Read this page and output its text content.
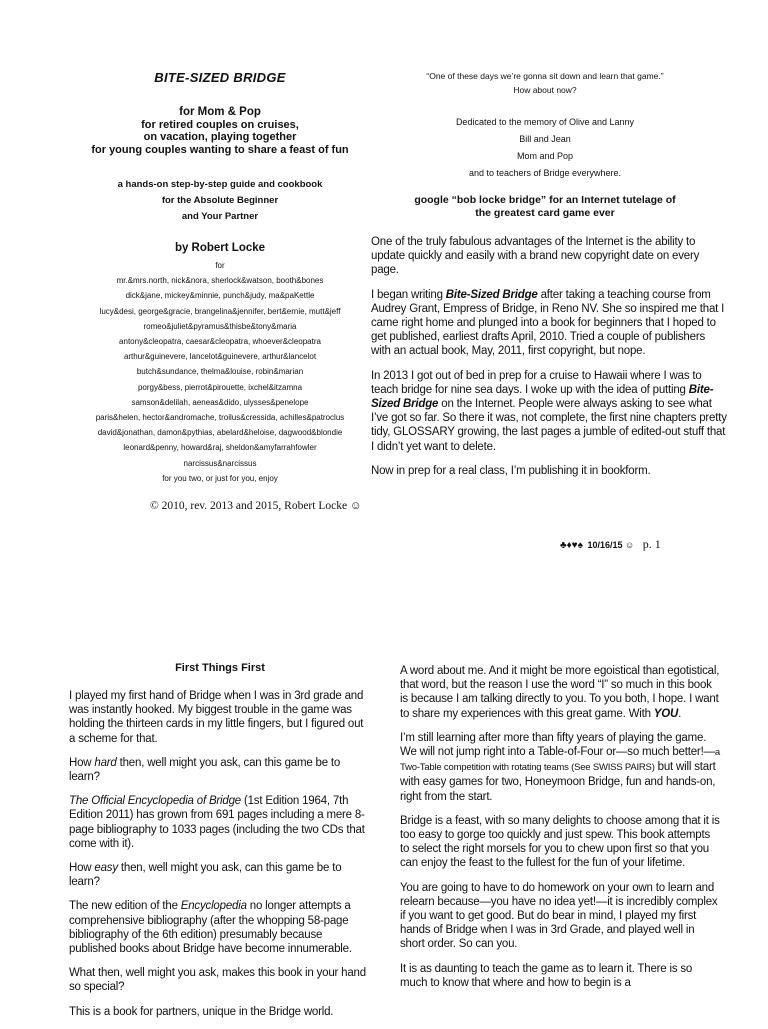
BITE-SIZED BRIDGE
for Mom & Pop
for retired couples on cruises,
on vacation, playing together
for young couples wanting to share a feast of fun
a hands-on step-by-step guide and cookbook
for the Absolute Beginner
and Your Partner
by Robert Locke
for
mr.&mrs.north, nick&nora, sherlock&watson, booth&bones
dick&jane, mickey&minnie, punch&judy, ma&paKettle
lucy&desi, george&gracie, brangelina&jennifer, bert&ernie, mutt&jeff
romeo&juliet&pyramus&thisbe&tony&maria
antony&cleopatra, caesar&cleopatra, whoever&cleopatra
arthur&guinevere, lancelot&guinevere, arthur&lancelot
butch&sundance, thelma&louise, robin&marian
porgy&bess, pierrot&pirouette, ixchel&itzamna
samson&delilah, aeneas&dido, ulysses&penelope
paris&helen, hector&andromache, troilus&cressida, achilles&patroclus
david&jonathan, damon&pythias, abelard&heloise, dagwood&blondie
leonard&penny, howard&raj, sheldon&amyfarrahfowler
narcissus&narcissus
for you two, or just for you, enjoy
© 2010, rev. 2013 and 2015, Robert Locke ☺
“One of these days we’re gonna sit down and learn that game.”
How about now?
Dedicated to the memory of Olive and Lanny
Bill and Jean
Mom and Pop
and to teachers of Bridge everywhere.
google “bob locke bridge” for an Internet tutelage of
the greatest card game ever

One of the truly fabulous advantages of the Internet is the ability to update quickly and easily with a brand new copyright date on every page.

I began writing Bite-Sized Bridge after taking a teaching course from Audrey Grant, Empress of Bridge, in Reno NV. She so inspired me that I came right home and plunged into a book for beginners that I hoped to get published, earliest drafts April, 2010. Tried a couple of publishers with an actual book, May, 2011, first copyright, but nope.

In 2013 I got out of bed in prep for a cruise to Hawaii where I was to teach bridge for nine sea days. I woke up with the idea of putting Bite-Sized Bridge on the Internet. People were always asking to see what I’ve got so far. So there it was, not complete, the first nine chapters pretty tidy, GLOSSARY growing, the last pages a jumble of edited-out stuff that I didn’t yet want to delete.

Now in prep for a real class, I’m publishing it in bookform.

♣♦♥♠ 10/16/15 ☺ p. 1
First Things First

I played my first hand of Bridge when I was in 3rd grade and was instantly hooked. My biggest trouble in the game was holding the thirteen cards in my little fingers, but I figured out a scheme for that.

How hard then, well might you ask, can this game be to learn?

The Official Encyclopedia of Bridge (1st Edition 1964, 7th Edition 2011) has grown from 691 pages including a mere 8-page bibliography to 1033 pages (including the two CDs that come with it).

How easy then, well might you ask, can this game be to learn?

The new edition of the Encyclopedia no longer attempts a comprehensive bibliography (after the whopping 58-page bibliography of the 6th edition) presumably because published books about Bridge have become innumerable.

What then, well might you ask, makes this book in your hand so special?

This is a book for partners, unique in the Bridge world.

A word about me. And it might be more egoistical than egotistical, that word, but the reason I use the word “I” so much in this book is because I am talking directly to you. To you both, I hope. I want to share my experiences with this great game. With YOU.

I’m still learning after more than fifty years of playing the game. We will not jump right into a Table-of-Four or—so much better!—a Two-Table competition with rotating teams (See SWISS PAIRS) but will start with easy games for two, Honeymoon Bridge, fun and hands-on, right from the start.

Bridge is a feast, with so many delights to choose among that it is too easy to gorge too quickly and just spew. This book attempts to select the right morsels for you to chew upon first so that you can enjoy the feast to the fullest for the fun of your lifetime.

You are going to have to do homework on your own to learn and relearn because—you have no idea yet!—it is incredibly complex if you want to get good. But do bear in mind, I played my first hands of Bridge when I was in 3rd Grade, and played well in short order. So can you.

It is as daunting to teach the game as to learn it. There is so much to know that where and how to begin is a
